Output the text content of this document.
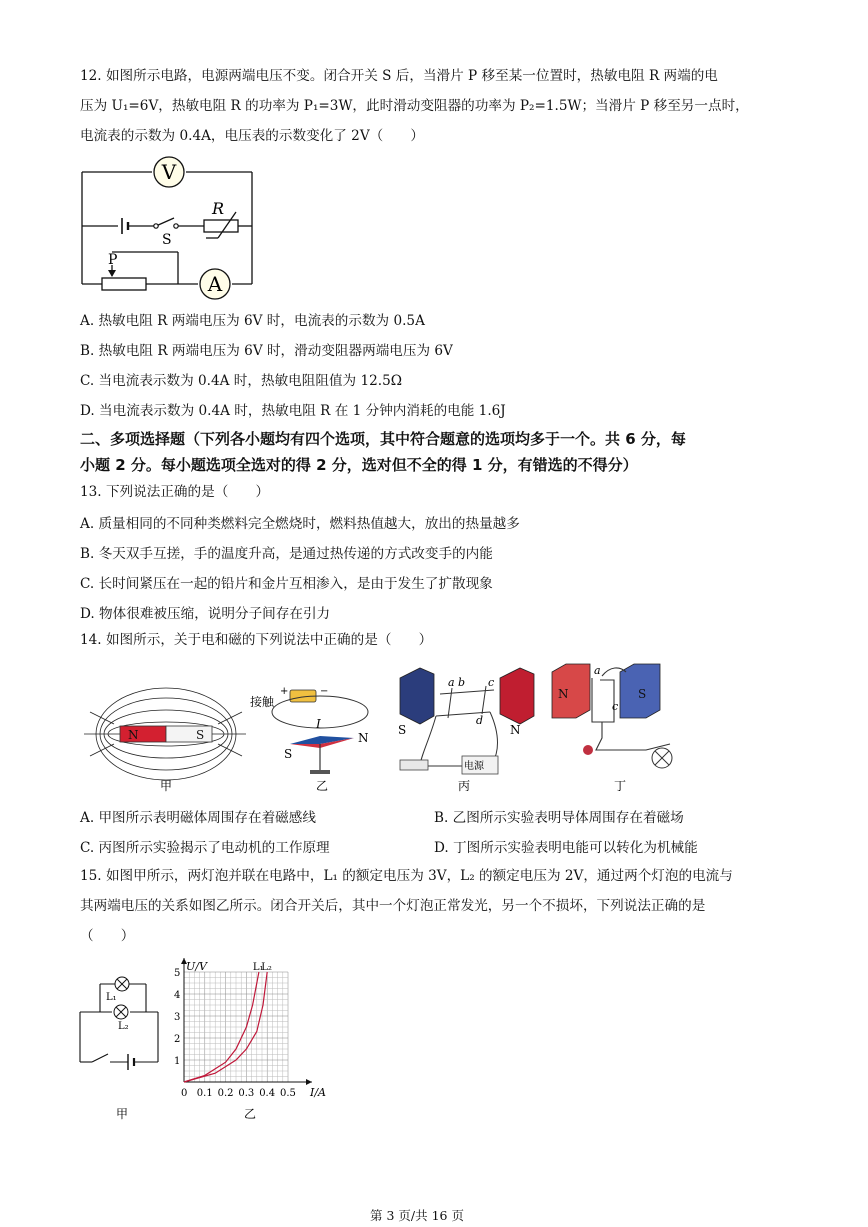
12. 如图所示电路，电源两端电压不变。闭合开关 S 后，当滑片 P 移至某一位置时，热敏电阻 R 两端的电
压为 U₁=6V，热敏电阻 R 的功率为 P₁=3W，此时滑动变阻器的功率为 P₂=1.5W；当滑片 P 移至另一点时，
电流表的示数为 0.4A，电压表的示数变化了 2V（　　）
V
A
R
S
P
A. 热敏电阻 R 两端电压为 6V 时，电流表的示数为 0.5A
B. 热敏电阻 R 两端电压为 6V 时，滑动变阻器两端电压为 6V
C. 当电流表示数为 0.4A 时，热敏电阻阻值为 12.5Ω
D. 当电流表示数为 0.4A 时，热敏电阻 R 在 1 分钟内消耗的电能 1.6J
二、多项选择题（下列各小题均有四个选项，其中符合题意的选项均多于一个。共 6 分，每
小题 2 分。每小题选项全选对的得 2 分，选对但不全的得 1 分，有错选的不得分）
13. 下列说法正确的是（　　）
A. 质量相同的不同种类燃料完全燃烧时，燃料热值越大，放出的热量越多
B. 冬天双手互搓，手的温度升高，是通过热传递的方式改变手的内能
C. 长时间紧压在一起的铅片和金片互相渗入，是由于发生了扩散现象
D. 物体很难被压缩，说明分子间存在引力
14. 如图所示，关于电和磁的下列说法中正确的是（　　）
N	S
甲
接触
+	−
I
S
N
乙
a b c
d
S	N
电源
丙
N	S
a
c
丁
A. 甲图所示表明磁体周围存在着磁感线	B. 乙图所示实验表明导体周围存在着磁场
C. 丙图所示实验揭示了电动机的工作原理	D. 丁图所示实验表明电能可以转化为机械能
15. 如图甲所示，两灯泡并联在电路中，L₁ 的额定电压为 3V，L₂ 的额定电压为 2V，通过两个灯泡的电流与
其两端电压的关系如图乙所示。闭合开关后，其中一个灯泡正常发光，另一个不损坏，下列说法正确的是
（　　）
L₁
L₂
甲
0 0.1 0.2 0.3 0.4 0.5
1
2
3
4
5
I/A
U/V	L₁
L₂
乙
第 3 页/共 16 页
